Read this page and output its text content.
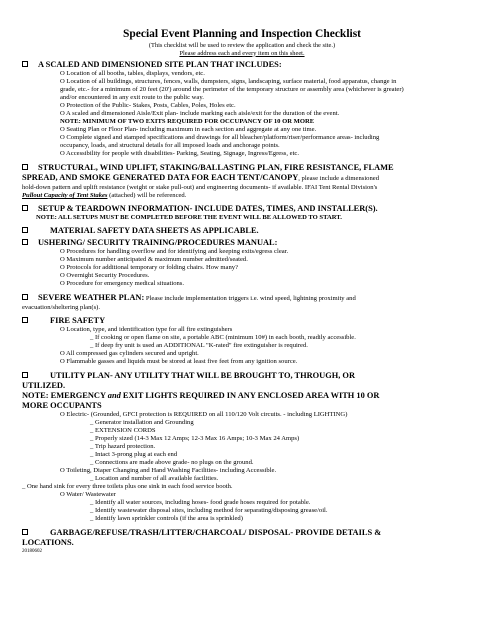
Special Event Planning and Inspection Checklist
(This checklist will be used to review the application and check the site.)
Please address each and every item on this sheet.
A SCALED AND DIMENSIONED SITE PLAN THAT INCLUDES:
O Location of all booths, tables, displays, vendors, etc.
O Location of all buildings, structures, fences, walls, dumpsters, signs, landscaping, surface material, food apparatus, change in
grade, etc.- for a minimum of 20 feet (20') around the perimeter of the temporary structure or assembly area (whichever is greater)
and/or encountered in any exit route to the public way.
O Protection of the Public- Stakes, Posts, Cables, Poles, Holes etc.
O A scaled and dimensioned Aisle/Exit plan- include marking each aisle/exit for the duration of the event.
NOTE: MINIMUM OF TWO EXITS REQUIRED FOR OCCUPANCY OF 10 OR MORE
O Seating Plan or Floor Plan- including maximum in each section and aggregate at any one time.
O Complete signed and stamped specifications and drawings for all bleacher/platform/riser/performance areas- including
occupancy, loads, and structural details for all imposed loads and anchorage points.
O Accessibility for people with disabilities- Parking, Seating, Signage, Ingress/Egress, etc.
STRUCTURAL, WIND UPLIFT, STAKING/BALLASTING PLAN, FIRE RESISTANCE, FLAME
SPREAD, AND SMOKE GENERATED DATA FOR EACH TENT/CANOPY, please include a dimensioned
hold-down pattern and uplift resistance (weight or stake pull-out) and engineering documents- if available. IFAI Tent Rental Division's
Pullout Capacity of Tent Stakes (attached) will be referenced.
SETUP & TEARDOWN INFORMATION- INCLUDE DATES, TIMES, AND INSTALLER(S).
NOTE: ALL SETUPS MUST BE COMPLETED BEFORE THE EVENT WILL BE ALLOWED TO START.
MATERIAL SAFETY DATA SHEETS AS APPLICABLE.
USHERING/ SECURITY TRAINING/PROCEDURES MANUAL:
O Procedures for handling overflow and for identifying and keeping exits/egress clear.
O Maximum number anticipated & maximum number admitted/seated.
O Protocols for additional temporary or folding chairs. How many?
O Overnight Security Procedures.
O Procedure for emergency medical situations.
SEVERE WEATHER PLAN: Please include implementation triggers i.e. wind speed, lightning proximity and
evacuation/sheltering plan(s).
FIRE SAFETY
O Location, type, and identification type for all fire extinguishers
_ If cooking or open flame on site, a portable ABC (minimum 10#) in each booth, readily accessible.
_ If deep fry unit is used an ADDITIONAL "K-rated" fire extinguisher is required.
O All compressed gas cylinders secured and upright.
O Flammable gasses and liquids must be stored at least five feet from any ignition source.
UTILITY PLAN- ANY UTILITY THAT WILL BE BROUGHT TO, THROUGH, OR
UTILIZED.
NOTE: EMERGENCY and EXIT LIGHTS REQUIRED IN ANY ENCLOSED AREA WITH 10 OR
MORE OCCUPANTS
O Electric- (Grounded, GFCI protection is REQUIRED on all 110/120 Volt circuits. - including LIGHTING)
_ Generator installation and Grounding
_ EXTENSION CORDS
_ Properly sized (14-3 Max 12 Amps; 12-3 Max 16 Amps; 10-3 Max 24 Amps)
_ Trip hazard protection.
_ Intact 3-prong plug at each end
_ Connections are made above grade- no plugs on the ground.
O Toileting, Diaper Changing and Hand Washing Facilities- including Accessible.
_ Location and number of all available facilities.
_ One hand sink for every three toilets plus one sink in each food service booth.
O Water/ Wastewater
_ Identify all water sources, including hoses- food grade hoses required for potable.
_ Identify wastewater disposal sites, including method for separating/disposing grease/oil.
_ Identify lawn sprinkler controls (if the area is sprinkled)
GARBAGE/REFUSE/TRASH/LITTER/CHARCOAL/ DISPOSAL- PROVIDE DETAILS &
LOCATIONS.
20180602
